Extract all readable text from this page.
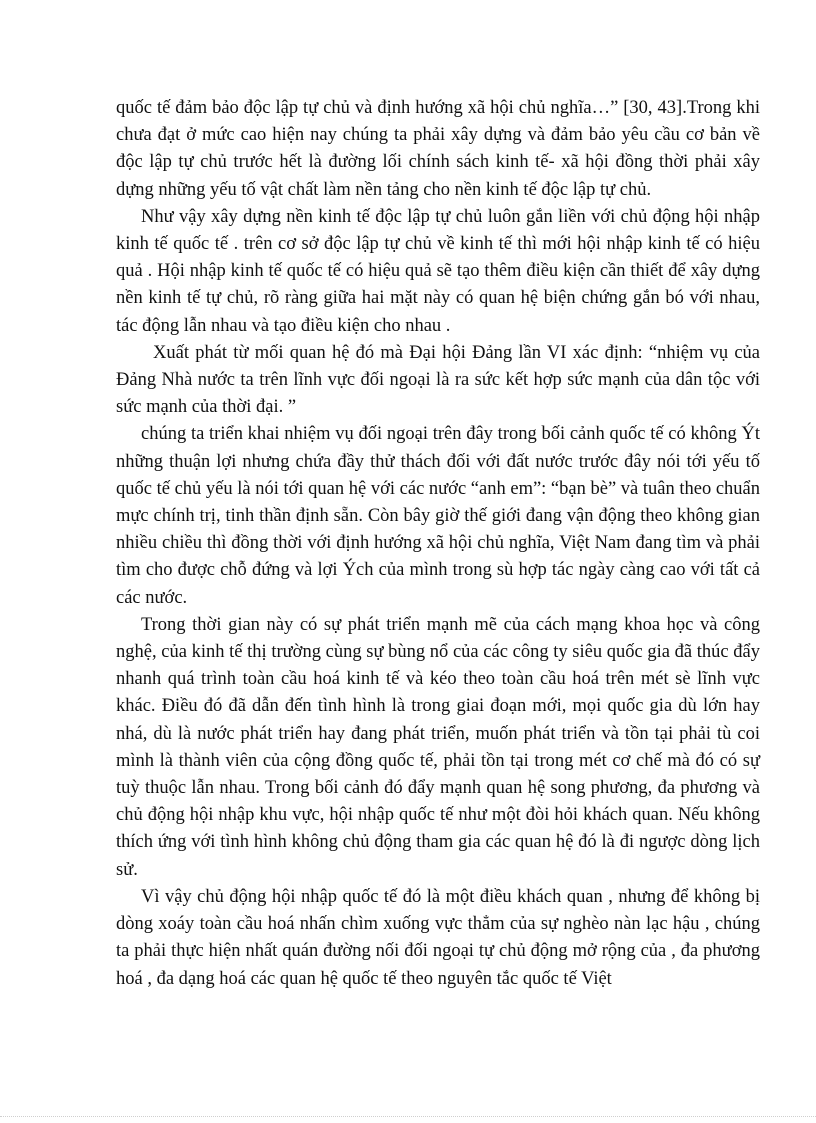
quốc tế đảm bảo độc lập tự chủ và định hướng xã hội chủ nghĩa…” [30, 43].Trong khi chưa đạt ở mức cao hiện nay chúng ta phải xây dựng và đảm bảo yêu cầu cơ bản về độc lập tự chủ trước hết là đường lối chính sách kinh tế- xã hội đồng thời phải xây dựng những yếu tố vật chất làm nền tảng cho nền kinh tế độc lập tự chủ.

Như vậy xây dựng nền kinh tế độc lập tự chủ luôn gắn liền với chủ động hội nhập kinh tế quốc tế . trên cơ sở độc lập tự chủ về kinh tế thì mới hội nhập kinh tế có hiệu quả . Hội nhập kinh tế quốc tế có hiệu quả sẽ tạo thêm điều kiện cần thiết để xây dựng nền kinh tế tự chủ, rõ ràng giữa hai mặt này có quan hệ biện chứng gắn bó với nhau, tác động lẫn nhau và tạo điều kiện cho nhau .

Xuất phát từ mối quan hệ đó mà Đại hội Đảng lần VI xác định: “nhiệm vụ của Đảng Nhà nước ta trên lĩnh vực đối ngoại là ra sức kết hợp sức mạnh của dân tộc với sức mạnh của thời đại. ”

chúng ta triển khai nhiệm vụ đối ngoại trên đây trong bối cảnh quốc tế có không Ýt những thuận lợi nhưng chứa đầy thử thách đối với đất nước trước đây nói tới yếu tố quốc tế chủ yếu là nói tới quan hệ với các nước “anh em”: “bạn bè” và tuân theo chuẩn mực chính trị, tinh thần định sẵn. Còn bây giờ thế giới đang vận động theo không gian nhiều chiều thì đồng thời với định hướng xã hội chủ nghĩa, Việt Nam đang tìm và phải tìm cho được chỗ đứng và lợi Ých của mình trong sù hợp tác ngày càng cao với tất cả các nước.

Trong thời gian này có sự phát triển mạnh mẽ của cách mạng khoa học và công nghệ, của kinh tế thị trường cùng sự bùng nổ của các công ty siêu quốc gia đã thúc đẩy nhanh quá trình toàn cầu hoá kinh tế và kéo theo toàn cầu hoá trên mét sè lĩnh vực khác. Điều đó đã dẫn đến tình hình là trong giai đoạn mới, mọi quốc gia dù lớn hay nhá, dù là nước phát triển hay đang phát triển, muốn phát triển và tồn tại phải tù coi mình là thành viên của cộng đồng quốc tế, phải tồn tại trong mét cơ chế mà đó có sự tuỳ thuộc lẫn nhau. Trong bối cảnh đó đẩy mạnh quan hệ song phương, đa phương và chủ động hội nhập khu vực, hội nhập quốc tế như một đòi hỏi khách quan. Nếu không thích ứng với tình hình không chủ động tham gia các quan hệ đó là đi ngược dòng lịch sử.

Vì vậy chủ động hội nhập quốc tế đó là một điều khách quan , nhưng để không bị dòng xoáy toàn cầu hoá nhấn chìm xuống vực thẳm của sự nghèo nàn lạc hậu , chúng ta phải thực hiện nhất quán đường nối đối ngoại tự chủ động mở rộng của , đa phương hoá , đa dạng hoá các quan hệ quốc tế theo nguyên tắc quốc tế Việt
